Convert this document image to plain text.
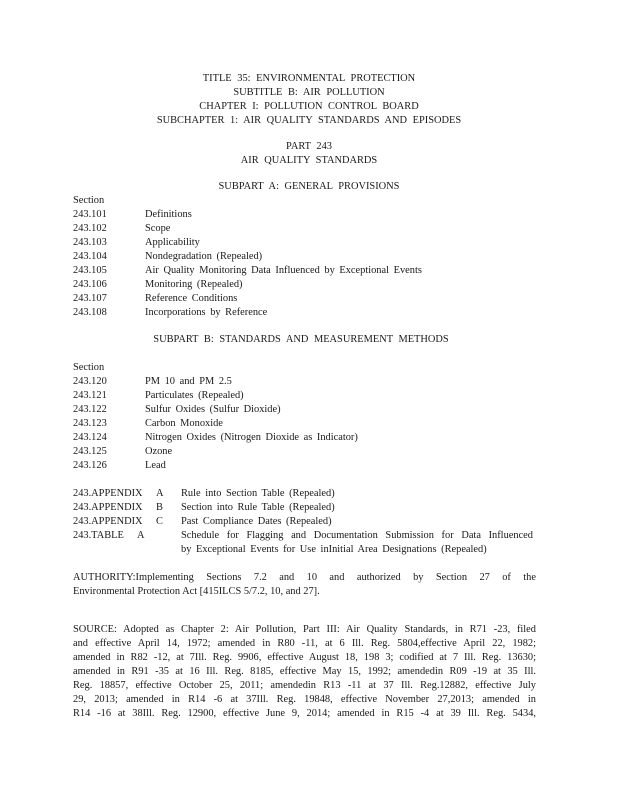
TITLE 35: ENVIRONMENTAL PROTECTION
SUBTITLE B: AIR POLLUTION
CHAPTER I: POLLUTION CONTROL BOARD
SUBCHAPTER 1: AIR QUALITY STANDARDS AND EPISODES
PART 243
AIR QUALITY STANDARDS
SUBPART A: GENERAL PROVISIONS
Section
243.101	Definitions
243.102	Scope
243.103	Applicability
243.104	Nondegradation (Repealed)
243.105	Air Quality Monitoring Data Influenced by Exceptional Events
243.106	Monitoring (Repealed)
243.107	Reference Conditions
243.108	Incorporations by Reference
SUBPART B: STANDARDS AND MEASUREMENT METHODS
Section
243.120	PM 10 and PM 2.5
243.121	Particulates (Repealed)
243.122	Sulfur Oxides (Sulfur Dioxide)
243.123	Carbon Monoxide
243.124	Nitrogen Oxides (Nitrogen Dioxide as Indicator)
243.125	Ozone
243.126	Lead
243.APPENDIX A Rule into Section Table (Repealed)
243.APPENDIX B Section into Rule Table (Repealed)
243.APPENDIX C Past Compliance Dates (Repealed)
243.TABLE A	Schedule for Flagging and Documentation Submission for Data Influenced
by Exceptional Events for Use inInitial Area Designations (Repealed)
AUTHORITY:Implementing Sections 7.2 and 10 and authorized by Section 27 of the
Environmental Protection Act [415ILCS 5/7.2, 10, and 27].
SOURCE: Adopted as Chapter 2: Air Pollution, Part III: Air Quality Standards, in R71 -23, filed
and effective April 14, 1972; amended in R80 -11, at 6 Ill. Reg. 5804,effective April 22, 1982;
amended in R82 -12, at 7Ill. Reg. 9906, effective August 18, 198 3; codified at 7 Ill. Reg. 13630;
amended in R91 -35 at 16 Ill. Reg. 8185, effective May 15, 1992; amendedin R09 -19 at 35 Ill.
Reg. 18857, effective October 25, 2011; amendedin R13 -11 at 37 Ill. Reg.12882, effective July
29, 2013; amended in R14 -6 at 37Ill. Reg. 19848, effective November 27,2013; amended in
R14 -16 at 38Ill. Reg. 12900, effective June 9, 2014; amended in R15 -4 at 39 Ill. Reg. 5434,
